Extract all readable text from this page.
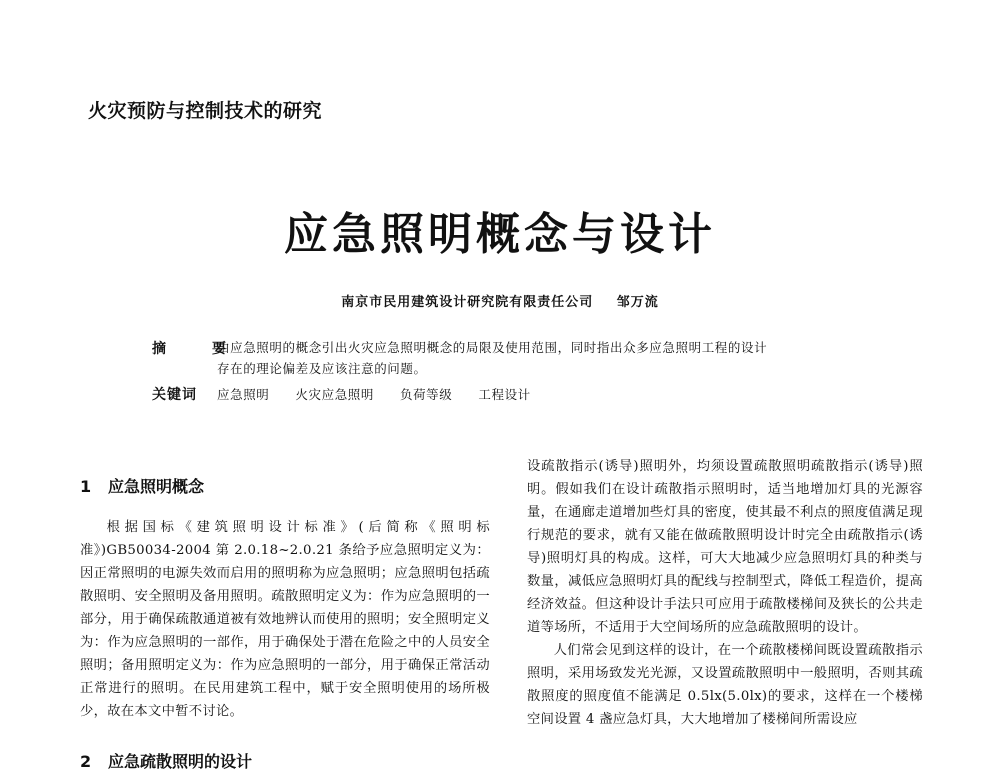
火灾预防与控制技术的研究
应急照明概念与设计
南京市民用建筑设计研究院有限责任公司 邹万流
摘　要
由应急照明的概念引出火灾应急照明概念的局限及使用范围，同时指出众多应急照明工程的设计
存在的理论偏差及应该注意的问题。
关键词 应急照明 火灾应急照明 负荷等级 工程设计
1 应急照明概念
根据国标《建筑照明设计标准》(后简称《照明标准》)GB50034-2004 第 2.0.18~2.0.21 条给予应急照明定义为：因正常照明的电源失效而启用的照明称为应急照明；应急照明包括疏散照明、安全照明及备用照明。疏散照明定义为：作为应急照明的一部分，用于确保疏散通道被有效地辨认而使用的照明；安全照明定义为：作为应急照明的一部作，用于确保处于潜在危险之中的人员安全照明；备用照明定义为：作为应急照明的一部分，用于确保正常活动正常进行的照明。在民用建筑工程中，赋于安全照明使用的场所极少，故在本文中暂不讨论。
2 应急疏散照明的设计

设疏散指示(诱导)照明外，均须设置疏散照明疏散指示(诱导)照明。假如我们在设计疏散指示照明时，适当地增加灯具的光源容量，在通廊走道增加些灯具的密度，使其最不利点的照度值满足现行规范的要求，就有又能在做疏散照明设计时完全由疏散指示(诱导)照明灯具的构成。这样，可大大地减少应急照明灯具的种类与数量，减低应急照明灯具的配线与控制型式，降低工程造价，提高经济效益。但这种设计手法只可应用于疏散楼梯间及狭长的公共走道等场所，不适用于大空间场所的应急疏散照明的设计。

人们常会见到这样的设计，在一个疏散楼梯间既设置疏散指示照明，采用场致发光光源，又设置疏散照明中一般照明，否则其疏散照度的照度值不能满足 0.5lx(5.0lx)的要求，这样在一个楼梯空间设置 4 盏应急灯具，大大地增加了楼梯间所需设应
